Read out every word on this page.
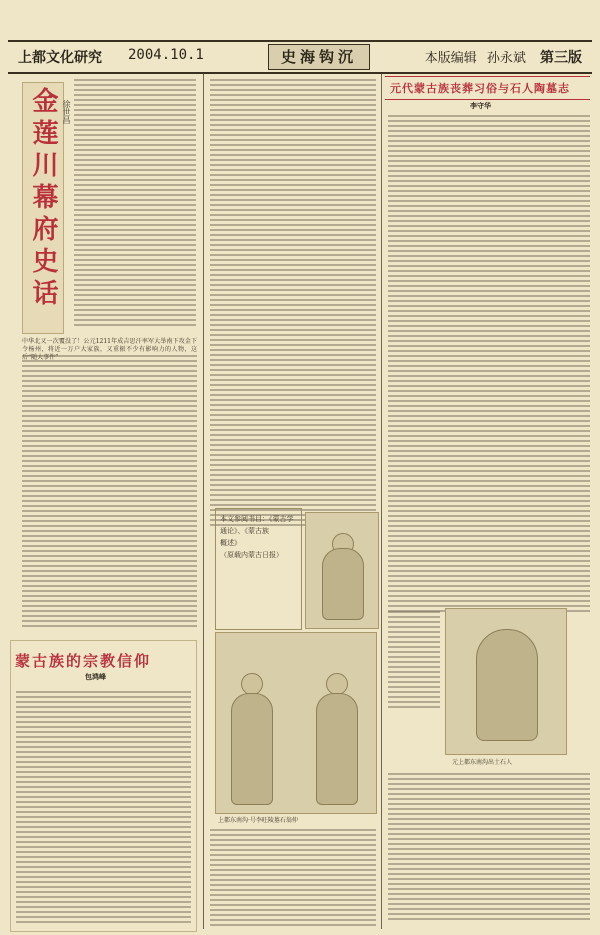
上都文化研究 2004.10.1	史海钩沉	本版编辑 孙永斌 第三版
金莲川幕府史话 徐世昌
中华北又一次覆没了！公元1211年成吉思汗率军大举南下攻金下令杨州，将近一万户大家族，又重振不少有影响力的人物，这后“随大事件”
蒙古族的宗教信仰
包鸿峰
本文参阅书目：《蒙古学
通论》、《蒙古族
概述》
（原载内蒙古日报）
上都东南沟·号李旺陵墓石翁仲
元代蒙古族丧葬习俗与石人陶墓志
李守华
元上都东南沟出土石人
